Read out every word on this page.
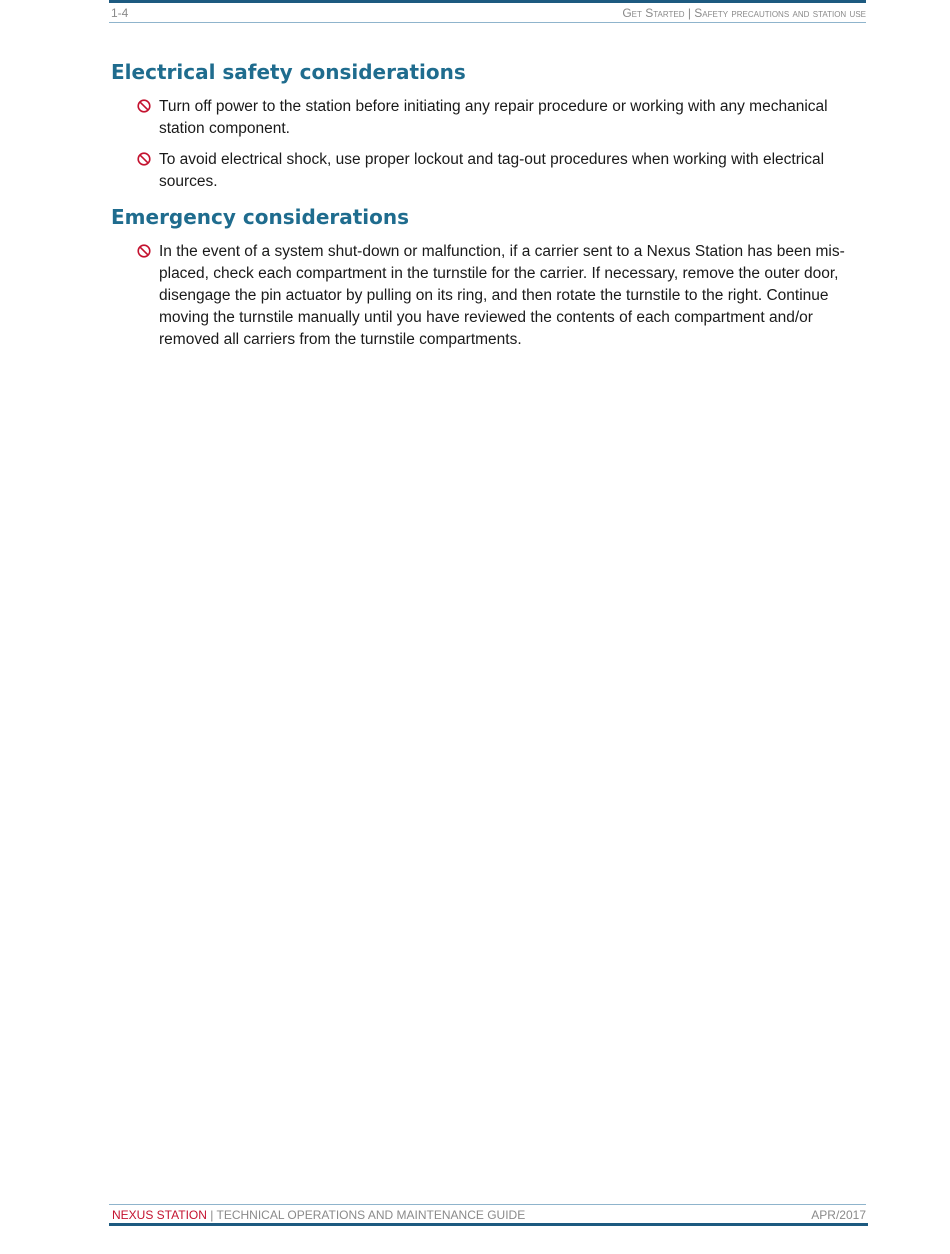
1-4	Get Started | Safety precautions and station use
Electrical safety considerations
Turn off power to the station before initiating any repair procedure or working with any mechanical station component.
To avoid electrical shock, use proper lockout and tag-out procedures when working with electrical sources.
Emergency considerations
In the event of a system shut-down or malfunction, if a carrier sent to a Nexus Station has been mis-placed, check each compartment in the turnstile for the carrier. If necessary, remove the outer door, disengage the pin actuator by pulling on its ring, and then rotate the turnstile to the right. Continue moving the turnstile manually until you have reviewed the contents of each compartment and/or removed all carriers from the turnstile compartments.
NEXUS STATION | TECHNICAL OPERATIONS AND MAINTENANCE GUIDE	APR/2017
